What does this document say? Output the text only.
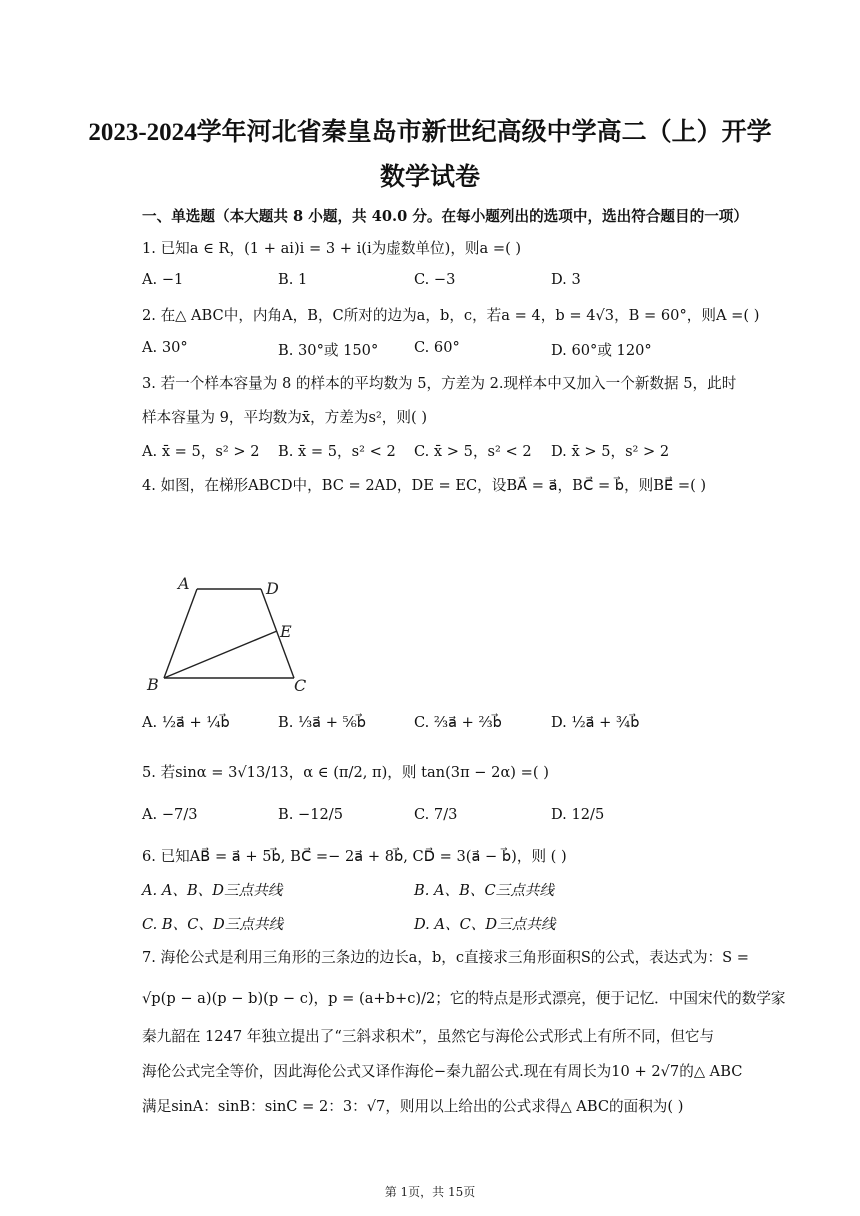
2023-2024学年河北省秦皇岛市新世纪高级中学高二（上）开学
数学试卷
一、单选题（本大题共 8 小题，共 40.0 分。在每小题列出的选项中，选出符合题目的一项）
1. 已知a ∈ R，(1 + ai)i = 3 + i(i为虚数单位)，则a =( )
A. −1	B. 1	C. −3	D. 3
2. 在△ ABC中，内角A，B，C所对的边为a，b，c，若a = 4，b = 4√3，B = 60°，则A =( )
A. 30°	B. 30°或 150° C. 60°	D. 60°或 120°
3. 若一个样本容量为 8 的样本的平均数为 5，方差为 2.现样本中又加入一个新数据 5，此时
样本容量为 9，平均数为x̄，方差为s²，则( )
A. x̄ = 5，s² > 2 B. x̄ = 5，s² < 2 C. x̄ > 5，s² < 2 D. x̄ > 5，s² > 2
4. 如图，在梯形ABCD中，BC = 2AD，DE = EC，设BA⃗ = a⃗，BC⃗ = b⃗，则BE⃗ =( )
A	D
E
B	C
A. ½a⃗ + ¼b⃗	B. ⅓a⃗ + ⅚b⃗	C. ⅔a⃗ + ⅔b⃗	D. ½a⃗ + ¾b⃗
5. 若sinα = 3√13/13，α ∈ (π/2, π)，则 tan(3π − 2α) =( )
A. −7/3	B. −12/5	C. 7/3	D. 12/5
6. 已知AB⃗ = a⃗ + 5b⃗, BC⃗ =− 2a⃗ + 8b⃗, CD⃗ = 3(a⃗ − b⃗)，则 ( )
A. A、B、D三点共线	B. A、B、C三点共线
C. B、C、D三点共线	D. A、C、D三点共线
7. 海伦公式是利用三角形的三条边的边长a，b，c直接求三角形面积S的公式，表达式为：S =
√p(p − a)(p − b)(p − c)，p = (a+b+c)/2；它的特点是形式漂亮，便于记忆．中国宋代的数学家
秦九韶在 1247 年独立提出了“三斜求积术”，虽然它与海伦公式形式上有所不同，但它与
海伦公式完全等价，因此海伦公式又译作海伦−秦九韶公式.现在有周长为10 + 2√7的△ ABC
满足sinA：sinB：sinC = 2：3：√7，则用以上给出的公式求得△ ABC的面积为( )
第 1页，共 15页
